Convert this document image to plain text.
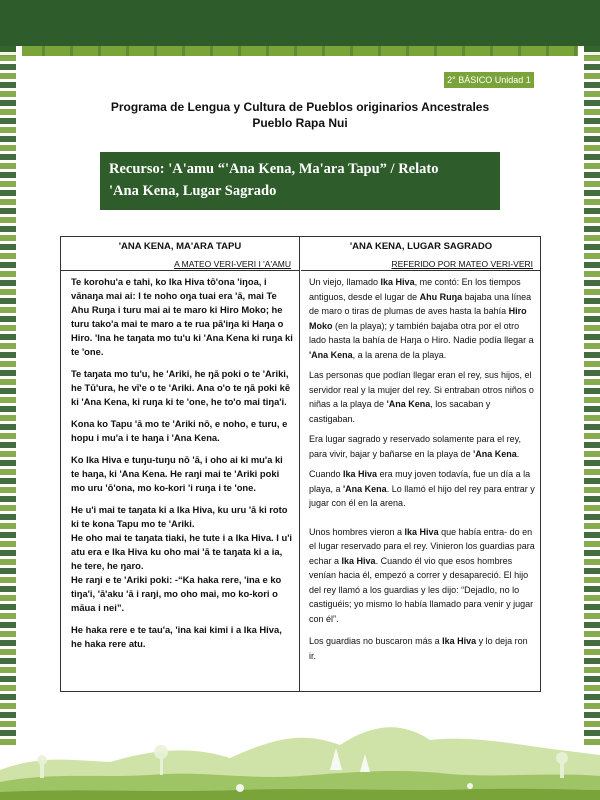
2° BÁSICO Unidad 1
Programa de Lengua y Cultura de Pueblos originarios Ancestrales
Pueblo Rapa Nui
Recurso: 'A'amu “'Ana Kena, Ma'ara Tapu” / Relato
'Ana Kena, Lugar Sagrado
'ANA KENA, MA'ARA TAPU
A MATEO VERI-VERI I 'A'AMU
Te korohu'a e tahi, ko Ika Hiva tō'ona 'iŋoa, i vānaŋa mai ai: I te noho oŋa tuai era 'ā, mai Te Ahu Ruŋa i turu mai ai te maro ki Hiro Moko; he turu tako'a mai te maro a te rua pā'iŋa ki Haŋa o Hiro. 'Ina he taŋata mo tu'u ki 'Ana Kena ki ruŋa ki te 'one.
Te taŋata mo tu'u, he 'Ariki, he ŋā poki o te 'Ariki, he Tū'ura, he vī'e o te 'Ariki. Ana o'o te ŋā poki kē ki 'Ana Kena, ki ruŋa ki te 'one, he to'o mai tiŋa'i.
Kona ko Tapu 'ā mo te 'Ariki nō, e noho, e turu, e hopu i mu'a i te haŋa i 'Ana Kena.
Ko Ika Hiva e tuŋu-tuŋu nō 'ā, i oho ai ki mu'a ki te haŋa, ki 'Ana Kena. He raŋi mai te 'Ariki poki mo uru 'ō'ona, mo ko-kori 'i ruŋa i te 'one.
He u'i mai te taŋata ki a Ika Hiva, ku uru 'ā ki roto ki te kona Tapu mo te 'Ariki.
He oho mai te taŋata tiaki, he tute i a Ika Hiva. I u'i atu era e Ika Hiva ku oho mai 'ā te taŋata ki a ia, he tere, he ŋaro.
He raŋi e te 'Ariki poki: -“Ka haka rere, 'ina e ko tiŋa'i, 'ā'aku 'ā i raŋi, mo oho mai, mo ko-kori o māua i nei”.
He haka rere e te tau'a, 'ina kai kimi i a Ika Hiva, he haka rere atu.
'ANA KENA, LUGAR SAGRADO
REFERIDO POR MATEO VERI-VERI
Un viejo, llamado Ika Hiva, me contó: En los tiempos antiguos, desde el lugar de Ahu Ruŋa bajaba una línea de maro o tiras de plumas de aves hasta la bahía Hiro Moko (en la playa); y también bajaba otra por el otro lado hasta la bahía de Haŋa o Hiro. Nadie podía llegar a 'Ana Kena, a la arena de la playa.
Las personas que podían llegar eran el rey, sus hijos, el servidor real y la mujer del rey. Si entraban otros niños o niñas a la playa de 'Ana Kena, los sacaban y castigaban.
Era lugar sagrado y reservado solamente para el rey, para vivir, bajar y bañarse en la playa de 'Ana Kena.
Cuando Ika Hiva era muy joven todavía, fue un día a la playa, a 'Ana Kena. Lo llamó el hijo del rey para entrar y jugar con él en la arena.
Unos hombres vieron a Ika Hiva que había entra- do en el lugar reservado para el rey. Vinieron los guardias para echar a Ika Hiva. Cuando él vio que esos hombres venían hacia él, empezó a correr y desapareció. El hijo del rey llamó a los guardias y les dijo: “Dejadlo, no lo castiguéis; yo mismo lo había llamado para venir y jugar con él”.
Los guardias no buscaron más a Ika Hiva y lo deja ron ir.
